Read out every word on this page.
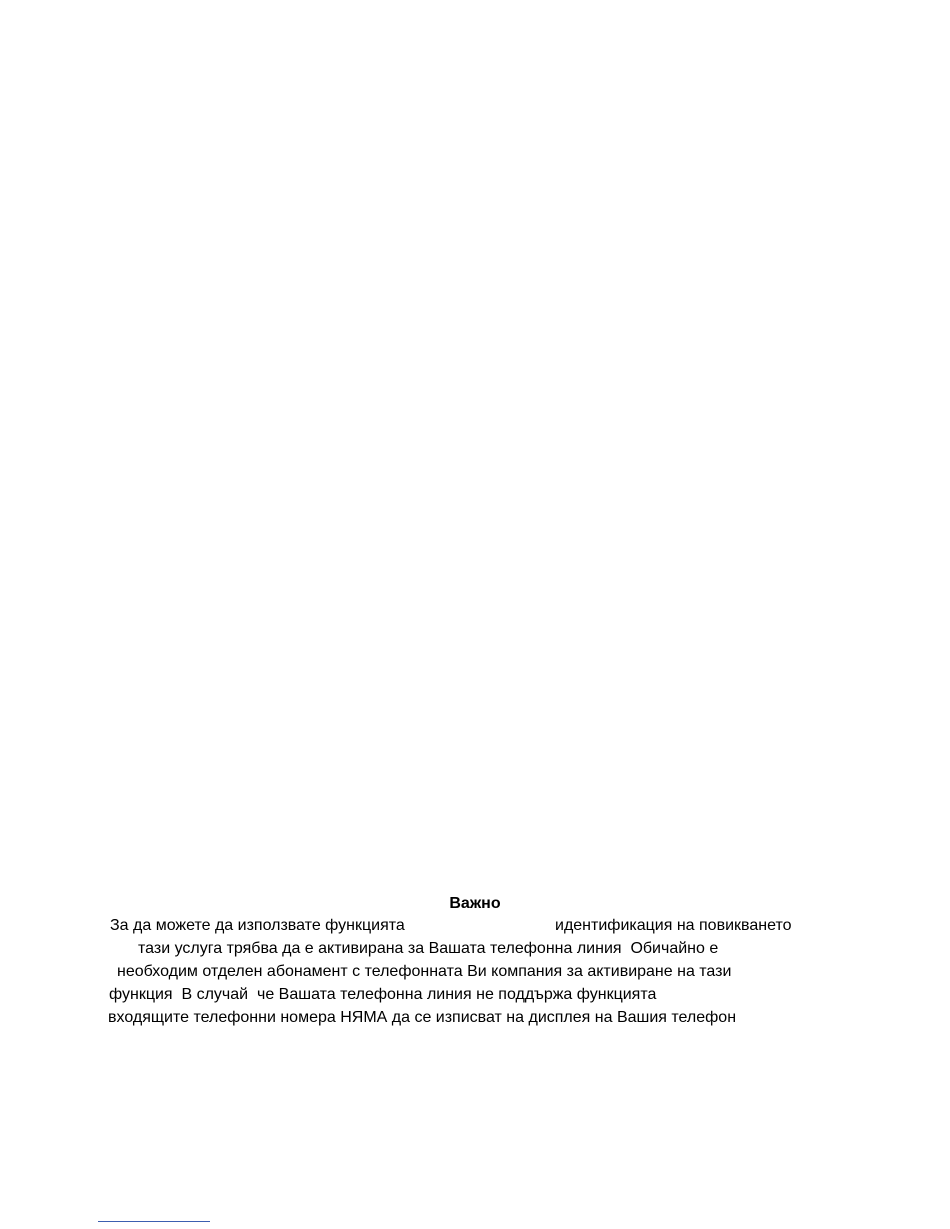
Важно

За да можете да използвате функцията	идентификация на повикването

тази услуга трябва да е активирана за Вашата телефонна линия  Обичайно е

необходим отделен абонамент с телефонната Ви компания за активиране на тази

функция  В случай  че Вашата телефонна линия не поддържа функцията

входящите телефонни номера НЯМА да се изписват на дисплея на Вашия телефон
